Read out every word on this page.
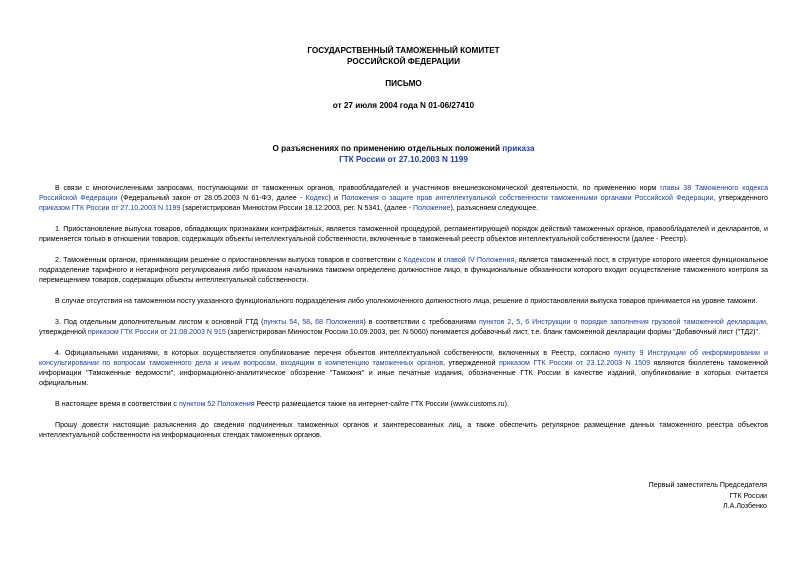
ГОСУДАРСТВЕННЫЙ ТАМОЖЕННЫЙ КОМИТЕТ
РОССИЙСКОЙ ФЕДЕРАЦИИ
ПИСЬМО
от 27 июля 2004 года N 01-06/27410
О разъяснениях по применению отдельных положений приказа
ГТК России от 27.10.2003 N 1199

В связи с многочисленными запросами, поступающими от таможенных органов, правообладателей и участников внешнеэкономической деятельности, по применению норм главы 38 Таможенного кодекса Российской Федерации (Федеральный закон от 28.05.2003 N 61-ФЗ, далее - Кодекс) и Положения о защите прав интеллектуальной собственности таможенными органами Российской Федерации, утвержденного приказом ГТК России от 27.10.2003 N 1199 (зарегистрирован Минюстом России 18.12.2003, рег. N 5341, (далее - Положение), разъясняем следующее.

1. Приостановление выпуска товаров, обладающих признаками контрафактных, является таможенной процедурой, регламентирующей порядок действий таможенных органов, правообладателей и декларантов, и применяется только в отношении товаров, содержащих объекты интеллектуальной собственности, включенные в таможенный реестр объектов интеллектуальной собственности (далее - Реестр).

2. Таможенным органом, принимающим решение о приостановлении выпуска товаров в соответствии с Кодексом и главой IV Положения, является таможенный пост, в структуре которого имеется функциональное подразделение тарифного и нетарифного регулирования либо приказом начальника таможни определено должностное лицо, в функциональные обязанности которого входит осуществление таможенного контроля за перемещением товаров, содержащих объекты интеллектуальной собственности.

В случае отсутствия на таможенном посту указанного функционального подразделения либо уполномоченного должностного лица, решение о приостановлении выпуска товаров принимается на уровне таможни.

3. Под отдельным дополнительным листом к основной ГТД (пункты 54, 58, 68 Положения) в соответствии с требованиями пунктов 2, 5, 6 Инструкции о порядке заполнения грузовой таможенной декларации, утвержденной приказом ГТК России от 21.08.2003 N 915 (зарегистрирован Минюстом России 10.09.2003, рег. N 5060) понимается добавочный лист, т.е. бланк таможенной декларации формы "Добавочный лист ("ТД2)".

4. Официальными изданиями, в которых осуществляется опубликование перечня объектов интеллектуальной собственности, включенных в Реестр, согласно пункту 9 Инструкции об информировании и консультировании по вопросам таможенного дела и иным вопросам, входящим в компетенцию таможенных органов, утвержденной приказом ГТК России от 23.12.2003 N 1509 являются бюллетень таможенной информации "Таможенные ведомости", информационно-аналитическое обозрение "Таможня" и иные печатные издания, обозначенные ГТК России в качестве изданий, опубликование в которых считается официальным.

В настоящее время в соответствии с пунктом 52 Положения Реестр размещается также на интернет-сайте ГТК России (www.customs.ru).

Прошу довести настоящие разъяснения до сведения подчиненных таможенных органов и заинтересованных лиц, а также обеспечить регулярное размещение данных таможенного реестра объектов интеллектуальной собственности на информационных стендах таможенных органов.

Первый заместитель Председателя
ГТК России
Л.А.Лозбенко
